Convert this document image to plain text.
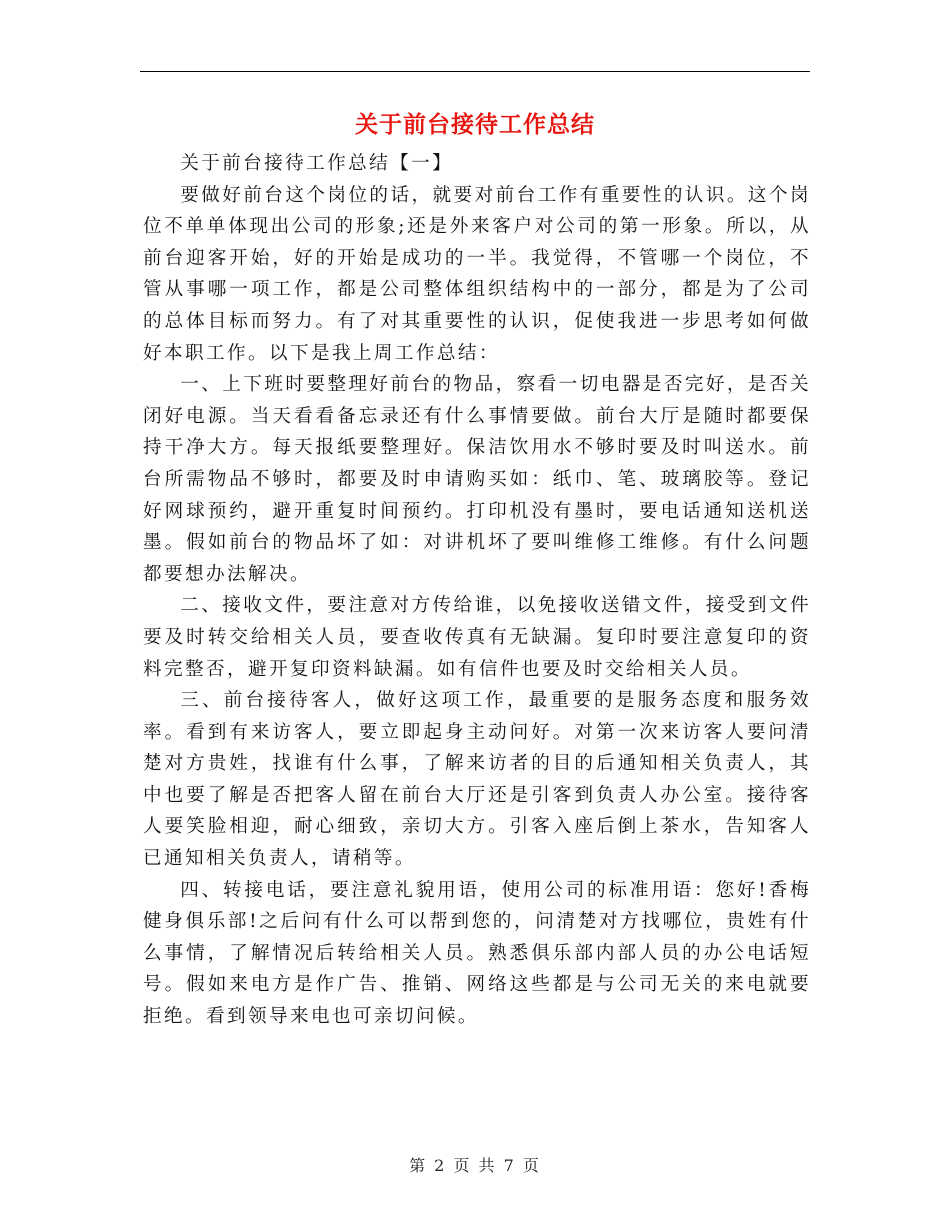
关于前台接待工作总结

关于前台接待工作总结【一】

要做好前台这个岗位的话，就要对前台工作有重要性的认识。这个岗位不单单体现出公司的形象;还是外来客户对公司的第一形象。所以，从前台迎客开始，好的开始是成功的一半。我觉得，不管哪一个岗位，不管从事哪一项工作，都是公司整体组织结构中的一部分，都是为了公司的总体目标而努力。有了对其重要性的认识，促使我进一步思考如何做好本职工作。以下是我上周工作总结：

一、上下班时要整理好前台的物品，察看一切电器是否完好，是否关闭好电源。当天看看备忘录还有什么事情要做。前台大厅是随时都要保持干净大方。每天报纸要整理好。保洁饮用水不够时要及时叫送水。前台所需物品不够时，都要及时申请购买如：纸巾、笔、玻璃胶等。登记好网球预约，避开重复时间预约。打印机没有墨时，要电话通知送机送墨。假如前台的物品坏了如：对讲机坏了要叫维修工维修。有什么问题都要想办法解决。

二、接收文件，要注意对方传给谁，以免接收送错文件，接受到文件要及时转交给相关人员，要查收传真有无缺漏。复印时要注意复印的资料完整否，避开复印资料缺漏。如有信件也要及时交给相关人员。

三、前台接待客人，做好这项工作，最重要的是服务态度和服务效率。看到有来访客人，要立即起身主动问好。对第一次来访客人要问清楚对方贵姓，找谁有什么事，了解来访者的目的后通知相关负责人，其中也要了解是否把客人留在前台大厅还是引客到负责人办公室。接待客人要笑脸相迎，耐心细致，亲切大方。引客入座后倒上茶水，告知客人已通知相关负责人，请稍等。

四、转接电话，要注意礼貌用语，使用公司的标准用语：您好!香梅健身俱乐部!之后问有什么可以帮到您的，问清楚对方找哪位，贵姓有什么事情，了解情况后转给相关人员。熟悉俱乐部内部人员的办公电话短号。假如来电方是作广告、推销、网络这些都是与公司无关的来电就要拒绝。看到领导来电也可亲切问候。

第 2 页 共 7 页
